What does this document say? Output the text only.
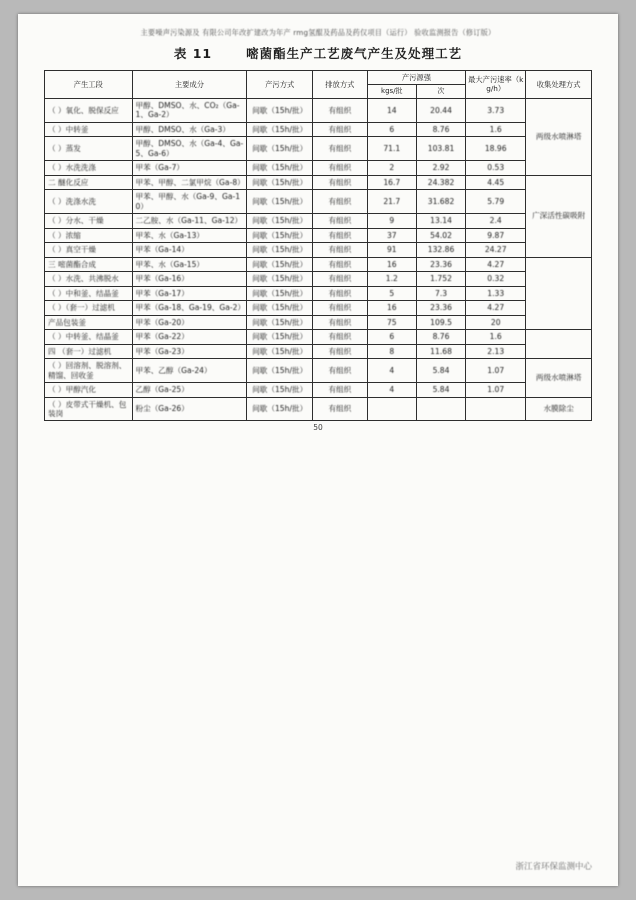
主要噪声污染源及 有限公司年改扩建改为年产 rmg氢醌及药品及药仅项目（运行） 验收监测报告（修订版）
表 11	嘧菌酯生产工艺废气产生及处理工艺
产生工段	主要成分	产污方式	排放方式	产污源强		最大产污速率（kg/h）	收集处理方式
				kgs/批	次		
（ ）氧化、脱保反应	甲醇、DMSO、水、CO₂（Ga-1、Ga-2）	间歇（15h/批）	有组织	14	20.44	3.73	两级水喷淋塔
（ ）中转釜	甲醇、DMSO、水（Ga-3）	间歇（15h/批）	有组织	6	8.76	1.6	
（ ）蒸发	甲醇、DMSO、水（Ga-4、Ga-5、Ga-6）	间歇（15h/批）	有组织	71.1	103.81	18.96	
（ ）水洗洗涤	甲苯（Ga-7）	间歇（15h/批）	有组织	2	2.92	0.53	
二 醚化反应	甲苯、甲醇、二氯甲烷（Ga-8）	间歇（15h/批）	有组织	16.7	24.382	4.45	广深活性碳吸附
（ ）洗涤水洗	甲苯、甲醇、水（Ga-9、Ga-10）	间歇（15h/批）	有组织	21.7	31.682	5.79	
（ ）分水、干燥	二乙胺、水（Ga-11、Ga-12）	间歇（15h/批）	有组织	9	13.14	2.4	
（ ）浓缩	甲苯、水（Ga-13）	间歇（15h/批）	有组织	37	54.02	9.87	
（ ）真空干燥	甲苯（Ga-14）	间歇（15h/批）	有组织	91	132.86	24.27	
三 嘧菌酯合成	甲苯、水（Ga-15）	间歇（15h/批）	有组织	16	23.36	4.27	
（ ）水洗、共沸脱水	甲苯（Ga-16）	间歇（15h/批）	有组织	1.2	1.752	0.32	
（ ）中和釜、结晶釜	甲苯（Ga-17）	间歇（15h/批）	有组织	5	7.3	1.33	
（ ）（套一）过滤机	甲苯（Ga-18、Ga-19、Ga-2）	间歇（15h/批）	有组织	16	23.36	4.27	
产品包装釜	甲苯（Ga-20）	间歇（15h/批）	有组织	75	109.5	20	
（ ）中转釜、结晶釜	甲苯（Ga-22）	间歇（15h/批）	有组织	6	8.76	1.6	
四 （套一）过滤机	甲苯（Ga-23）	间歇（15h/批）	有组织	8	11.68	2.13	
（ ）回溶剂、脱溶剂、精馏、回收釜	甲苯、乙醇（Ga-24）	间歇（15h/批）	有组织	4	5.84	1.07	两级水喷淋塔
（ ）甲醇汽化	乙醇（Ga-25）	间歇（15h/批）	有组织	4	5.84	1.07	
（ ）皮带式干燥机、包装岗	粉尘（Ga-26）	间歇（15h/批）	有组织				水膜除尘
50
浙江省环保监测中心
